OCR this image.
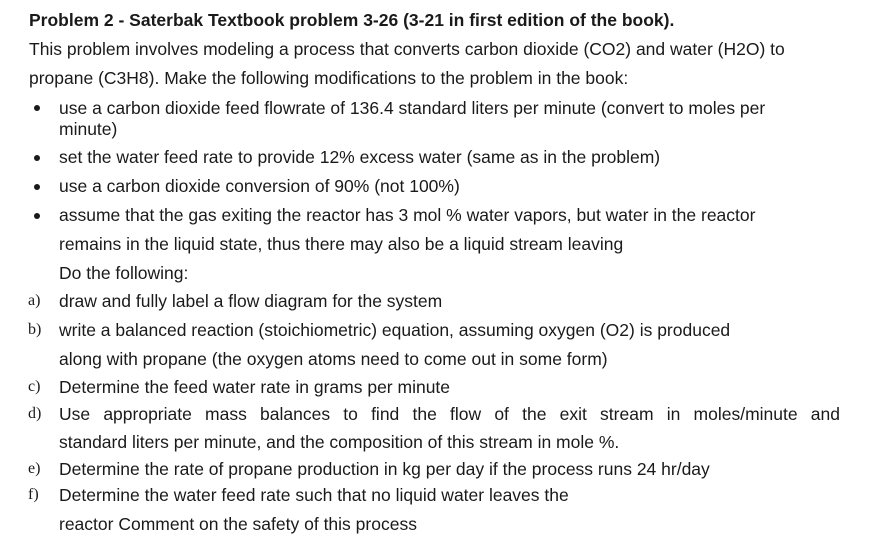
Problem 2 - Saterbak Textbook problem 3-26 (3-21 in first edition of the book).
This problem involves modeling a process that converts carbon dioxide (CO2) and water (H2O) to
propane (C3H8). Make the following modifications to the problem in the book:
use a carbon dioxide feed flowrate of 136.4 standard liters per minute (convert to moles per
minute)
set the water feed rate to provide 12% excess water (same as in the problem)
use a carbon dioxide conversion of 90% (not 100%)
assume that the gas exiting the reactor has 3 mol % water vapors, but water in the reactor
remains in the liquid state, thus there may also be a liquid stream leaving
Do the following:
a) draw and fully label a flow diagram for the system
b) write a balanced reaction (stoichiometric) equation, assuming oxygen (O2) is produced
along with propane (the oxygen atoms need to come out in some form)
c) Determine the feed water rate in grams per minute
d) Use appropriate mass balances to find the flow of the exit stream in moles/minute and
standard liters per minute, and the composition of this stream in mole %.
e) Determine the rate of propane production in kg per day if the process runs 24 hr/day
f) Determine the water feed rate such that no liquid water leaves the
reactor Comment on the safety of this process
